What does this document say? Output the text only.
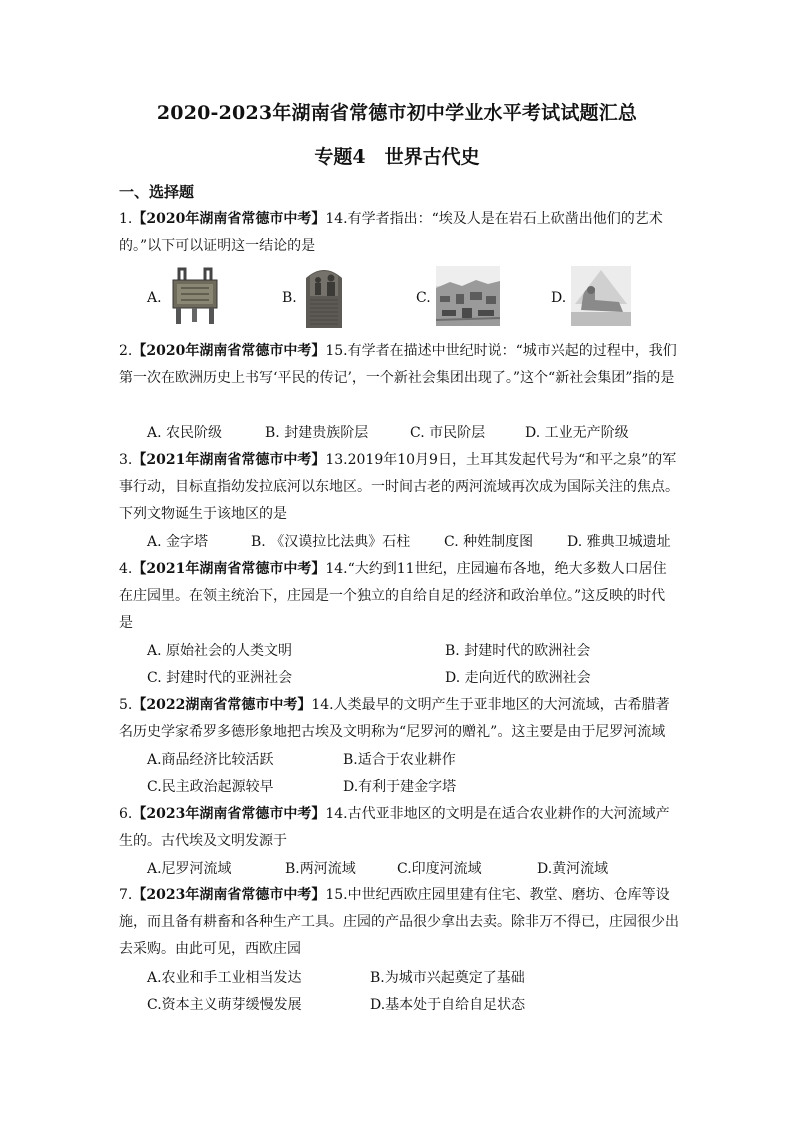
2020-2023年湖南省常德市初中学业水平考试试题汇总
专题4　世界古代史
一、选择题
1.【2020年湖南省常德市中考】14.有学者指出：“埃及人是在岩石上砍凿出他们的艺术的。”以下可以证明这一结论的是
A.	B.	C.	D.
2.【2020年湖南省常德市中考】15.有学者在描述中世纪时说：“城市兴起的过程中，我们第一次在欧洲历史上书写‘平民的传记’，一个新社会集团出现了。”这个“新社会集团”指的是
A. 农民阶级	B. 封建贵族阶层	C. 市民阶层	D. 工业无产阶级
3.【2021年湖南省常德市中考】13.2019年10月9日，土耳其发起代号为“和平之泉”的军事行动，目标直指幼发拉底河以东地区。一时间古老的两河流域再次成为国际关注的焦点。下列文物诞生于该地区的是
A. 金字塔	B. 《汉谟拉比法典》石柱 C. 种姓制度图 D. 雅典卫城遗址
4.【2021年湖南省常德市中考】14.“大约到11世纪，庄园遍布各地，绝大多数人口居住在庄园里。在领主统治下，庄园是一个独立的自给自足的经济和政治单位。”这反映的时代是
A. 原始社会的人类文明	B. 封建时代的欧洲社会
C. 封建时代的亚洲社会	D. 走向近代的欧洲社会
5.【2022湖南省常德市中考】14.人类最早的文明产生于亚非地区的大河流域，古希腊著名历史学家希罗多德形象地把古埃及文明称为“尼罗河的赠礼”。这主要是由于尼罗河流域
A.商品经济比较活跃	B.适合于农业耕作
C.民主政治起源较早	D.有利于建金字塔
6.【2023年湖南省常德市中考】14.古代亚非地区的文明是在适合农业耕作的大河流域产生的。古代埃及文明发源于
A.尼罗河流域	B.两河流域	C.印度河流域	D.黄河流域
7.【2023年湖南省常德市中考】15.中世纪西欧庄园里建有住宅、教堂、磨坊、仓库等设施，而且备有耕畜和各种生产工具。庄园的产品很少拿出去卖。除非万不得已，庄园很少出去采购。由此可见，西欧庄园
A.农业和手工业相当发达	B.为城市兴起奠定了基础
C.资本主义萌芽缓慢发展	D.基本处于自给自足状态
